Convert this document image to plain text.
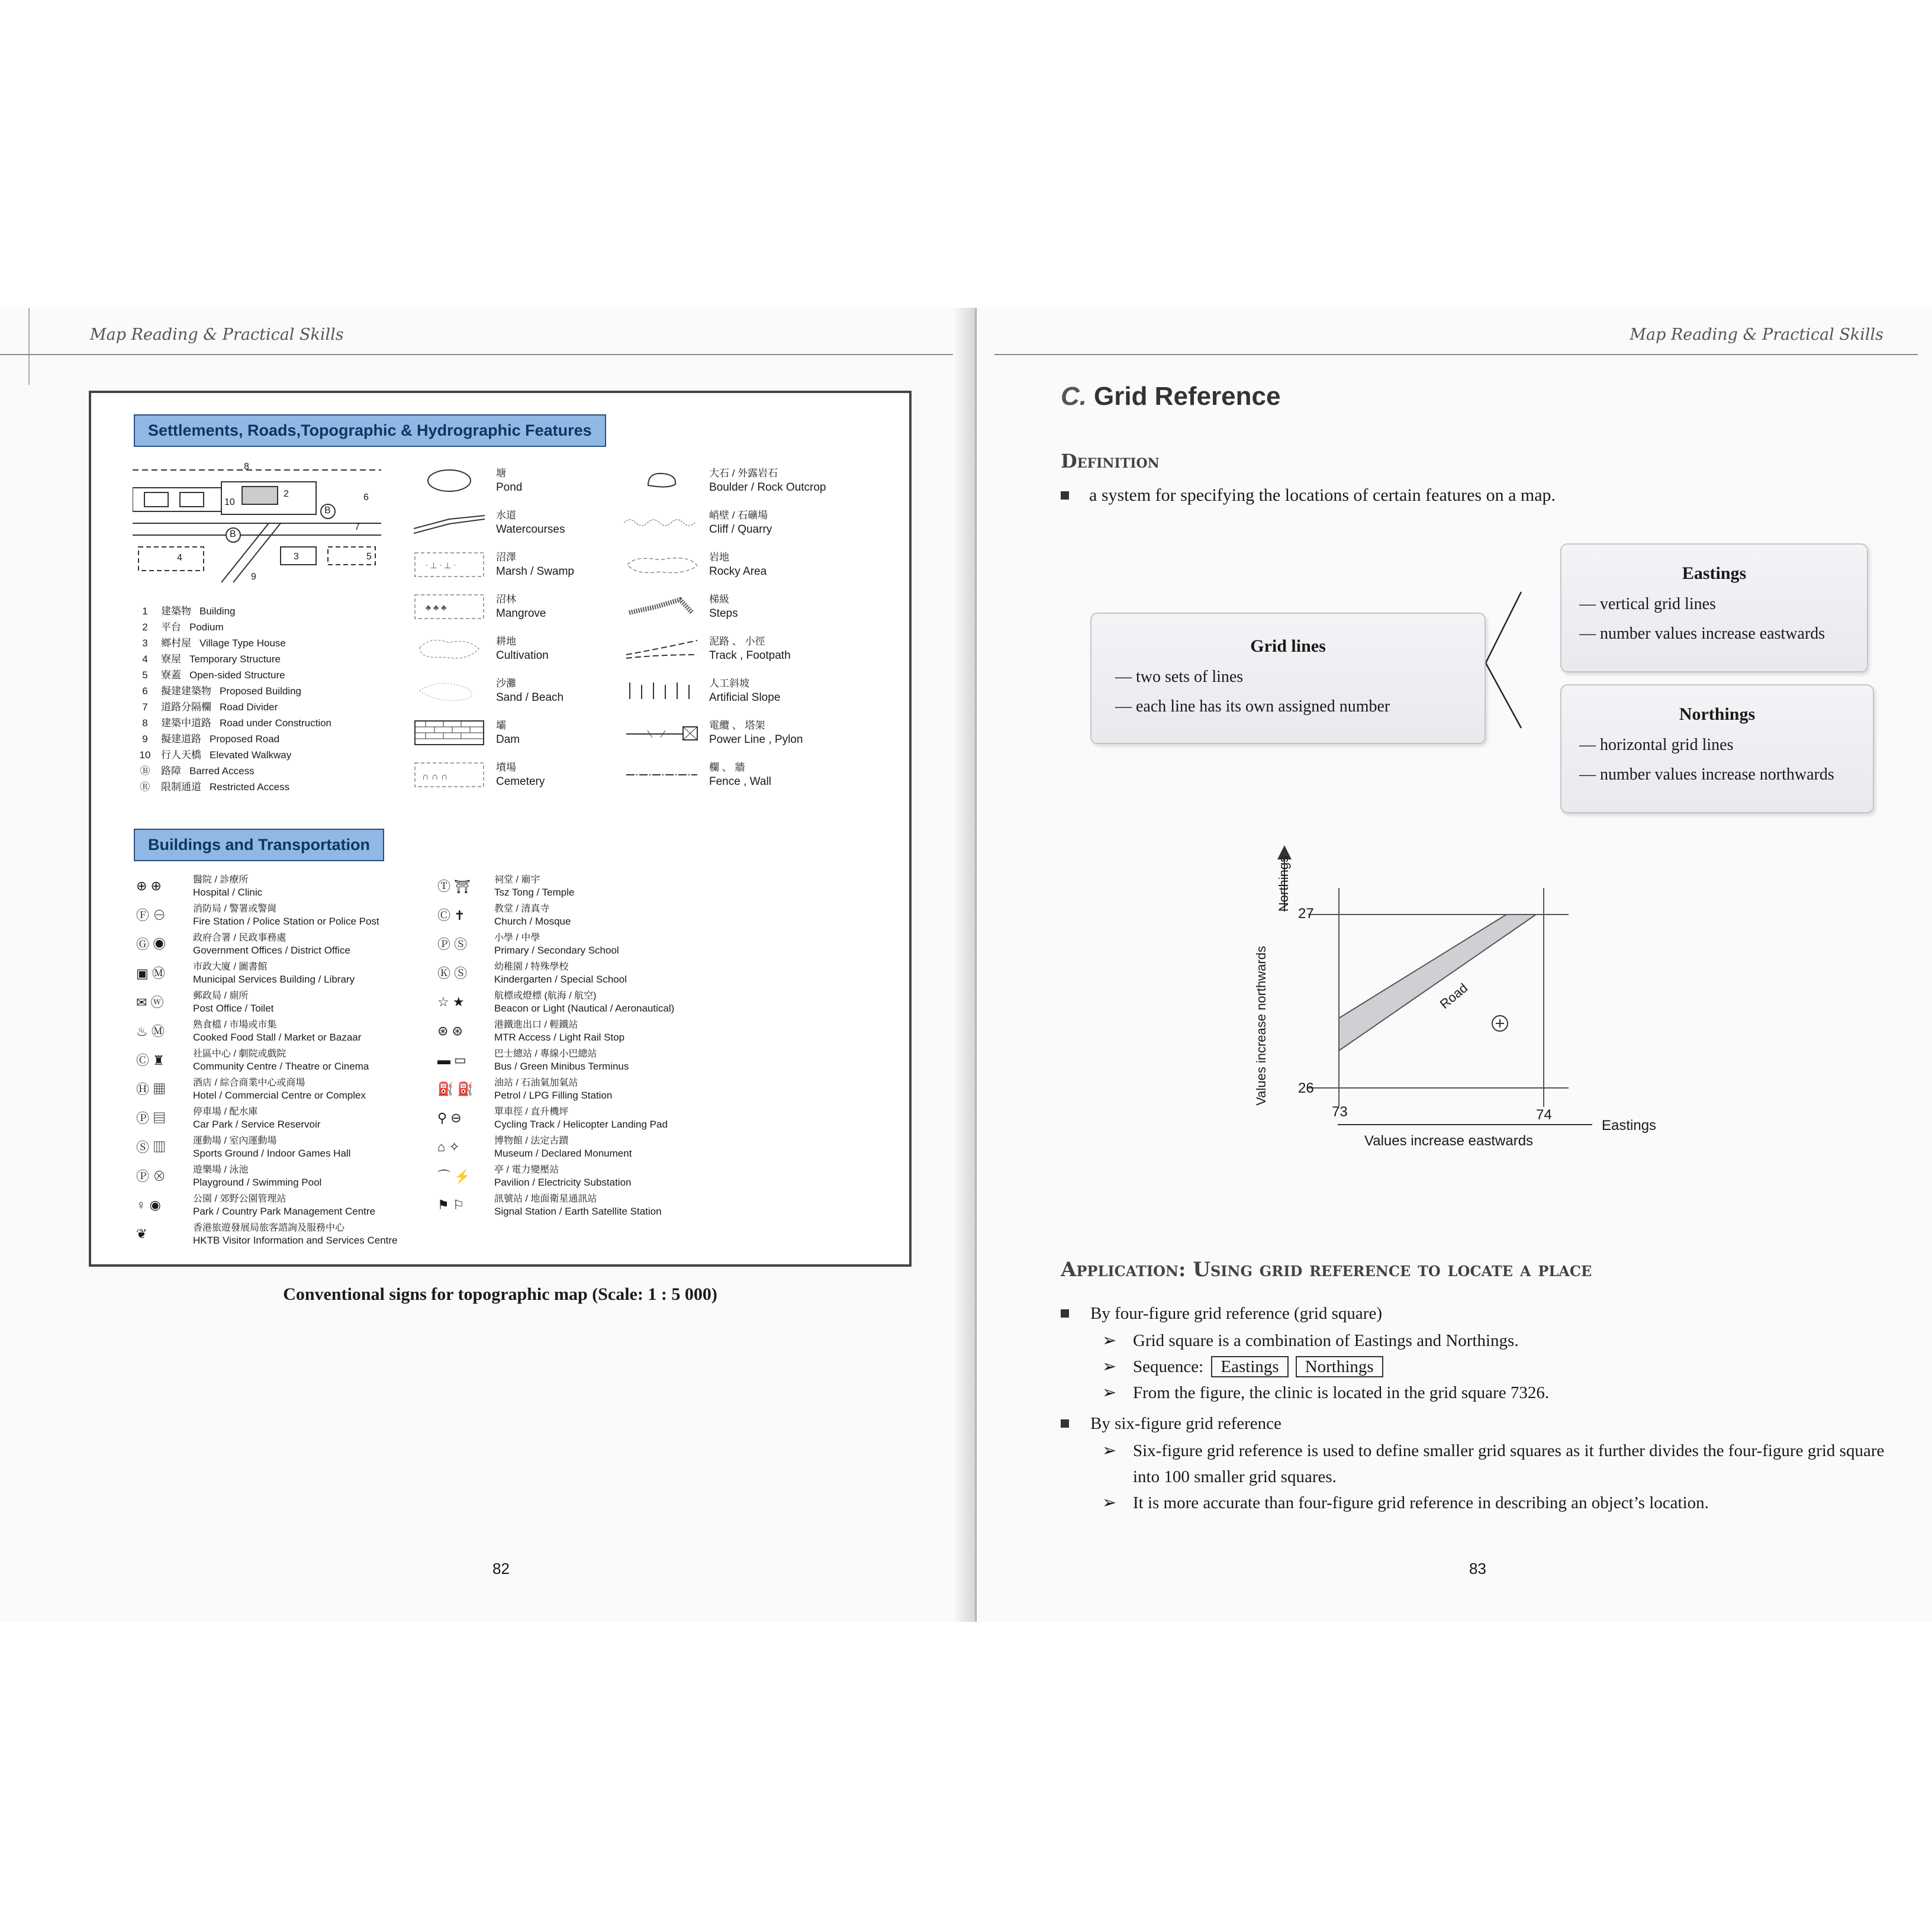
Map Reading & Practical Skills
Settlements, Roads,Topographic & Hydrographic Features
8
10
2	6
7
B
B
4	3	5
9
1	建築物 Building
2	平台 Podium
3	鄉村屋 Village Type House
4	寮屋 Temporary Structure
5	寮蓋 Open-sided Structure
6	擬建建築物 Proposed Building
7	道路分隔欄 Road Divider
8	建築中道路 Road under Construction
9	擬建道路 Proposed Road
10 行人天橋 Elevated Walkway
Ⓑ 路障 Barred Access
Ⓡ 限制通道 Restricted Access
塘
Pond
水道
Watercourses
ᐧ ⊥ ᐧ ⊥ ᐧ
沼澤
Marsh / Swamp
♣ ♣ ♣
沼林
Mangrove
耕地
Cultivation
沙灘
Sand / Beach
壩
Dam
∩ ∩ ∩
墳場
Cemetery
大石 / 外露岩石
Boulder / Rock Outcrop
峭壁 / 石礦場
Cliff / Quarry
岩地
Rocky Area
梯級
Steps
泥路 、 小徑
Track , Footpath
人工斜坡
Artificial Slope
電纜 、 塔架
Power Line , Pylon
欄 、 牆
Fence , Wall
Buildings and Transportation
⊕ ⊕	醫院 / 診療所
Hospital / Clinic
Ⓕ ⊖	消防局 / 警署或警崗
Fire Station / Police Station or Police Post
Ⓖ ◉	政府合署 / 民政事務處
Government Offices / District Office
▣ Ⓜ	市政大廈 / 圖書館
Municipal Services Building / Library
✉ ⓦ	郵政局 / 廁所
Post Office / Toilet
♨ Ⓜ	熟食檔 / 市場或市集
Cooked Food Stall / Market or Bazaar
Ⓒ ♜	社區中心 / 劇院或戲院
Community Centre / Theatre or Cinema
Ⓗ ▦	酒店 / 綜合商業中心或商場
Hotel / Commercial Centre or Complex
Ⓟ ▤	停車場 / 配水庫
Car Park / Service Reservoir
Ⓢ ▥	運動場 / 室內運動場
Sports Ground / Indoor Games Hall
Ⓟ ⊗	遊樂場 / 泳池
Playground / Swimming Pool
♀ ◉	公園 / 郊野公園管理站
Park / Country Park Management Centre
❦	香港旅遊發展局旅客諮詢及服務中心
HKTB Visitor Information and Services Centre
Ⓣ ⛩	祠堂 / 廟宇
Tsz Tong / Temple
Ⓒ ✝	教堂 / 清真寺
Church / Mosque
Ⓟ Ⓢ	小學 / 中學
Primary / Secondary School
Ⓚ Ⓢ	幼稚園 / 特殊學校
Kindergarten / Special School
☆ ★	航標或燈標 (航海 / 航空)
Beacon or Light (Nautical / Aeronautical)
⊛ ⊛	港鐵進出口 / 輕鐵站
MTR Access / Light Rail Stop
▬ ▭	巴士總站 / 專線小巴總站
Bus / Green Minibus Terminus
⛽ ⛽	油站 / 石油氣加氣站
Petrol / LPG Filling Station
⚲ ⊖	單車徑 / 直升機坪
Cycling Track / Helicopter Landing Pad
⌂ ✧	博物館 / 法定古蹟
Museum / Declared Monument
⌒ ⚡	亭 / 電力變壓站
Pavilion / Electricity Substation
⚑ ⚐	訊號站 / 地面衛星通訊站
Signal Station / Earth Satellite Station
Conventional signs for topographic map (Scale: 1 : 5 000)
82
Map Reading & Practical Skills
C. Grid Reference
Definition
a system for specifying the locations of certain features on a map.
Grid lines
— two sets of lines
— each line has its own assigned number
Eastings
— vertical grid lines
— number values increase eastwards
Northings
— horizontal grid lines
— number values increase northwards
27
26
73	74
Road
Northings
Values increase northwards
Eastings
Values increase eastwards
Application: Using grid reference to locate a place
By four-figure grid reference (grid square)
➢ Grid square is a combination of Eastings and Northings.
➢ Sequence: Eastings Northings
➢ From the figure, the clinic is located in the grid square 7326.
By six-figure grid reference
➢ Six-figure grid reference is used to define smaller grid squares as it further divides the four-figure grid square into 100 smaller grid squares.
➢ It is more accurate than four-figure grid reference in describing an object’s location.
83
